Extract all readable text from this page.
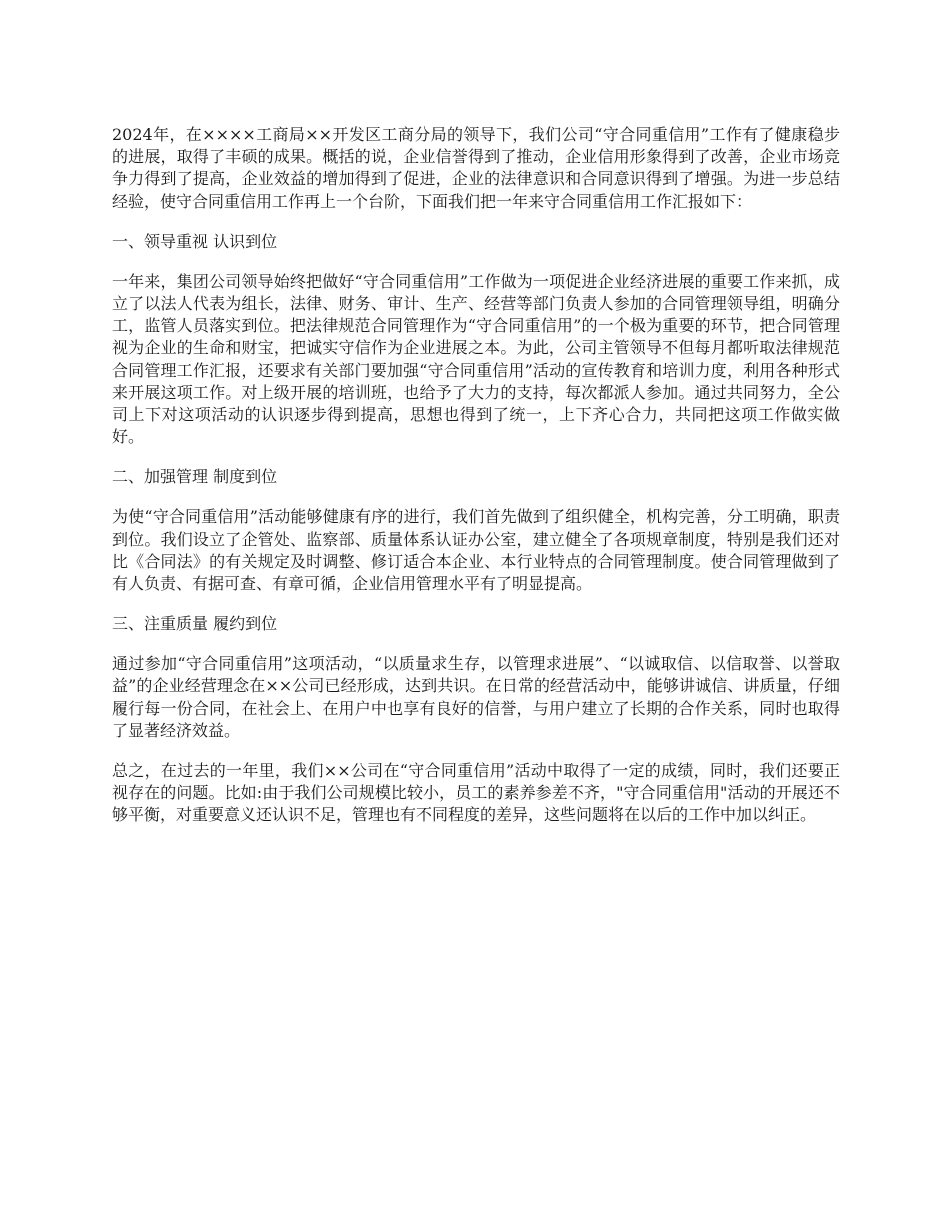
2024年，在××××工商局××开发区工商分局的领导下，我们公司“守合同重信用”工作有了健康稳步的进展，取得了丰硕的成果。概括的说，企业信誉得到了推动，企业信用形象得到了改善，企业市场竞争力得到了提高，企业效益的增加得到了促进，企业的法律意识和合同意识得到了增强。为进一步总结经验，使守合同重信用工作再上一个台阶，下面我们把一年来守合同重信用工作汇报如下：

一、领导重视 认识到位

一年来，集团公司领导始终把做好“守合同重信用”工作做为一项促进企业经济进展的重要工作来抓，成立了以法人代表为组长，法律、财务、审计、生产、经营等部门负责人参加的合同管理领导组，明确分工，监管人员落实到位。把法律规范合同管理作为“守合同重信用”的一个极为重要的环节，把合同管理视为企业的生命和财宝，把诚实守信作为企业进展之本。为此，公司主管领导不但每月都听取法律规范合同管理工作汇报，还要求有关部门要加强“守合同重信用”活动的宣传教育和培训力度，利用各种形式来开展这项工作。对上级开展的培训班，也给予了大力的支持，每次都派人参加。通过共同努力，全公司上下对这项活动的认识逐步得到提高，思想也得到了统一，上下齐心合力，共同把这项工作做实做好。

二、加强管理 制度到位

为使“守合同重信用”活动能够健康有序的进行，我们首先做到了组织健全，机构完善，分工明确，职责到位。我们设立了企管处、监察部、质量体系认证办公室，建立健全了各项规章制度，特别是我们还对比《合同法》的有关规定及时调整、修订适合本企业、本行业特点的合同管理制度。使合同管理做到了有人负责、有据可查、有章可循，企业信用管理水平有了明显提高。

三、注重质量 履约到位

通过参加“守合同重信用”这项活动，“以质量求生存，以管理求进展”、“以诚取信、以信取誉、以誉取益”的企业经营理念在××公司已经形成，达到共识。在日常的经营活动中，能够讲诚信、讲质量，仔细履行每一份合同，在社会上、在用户中也享有良好的信誉，与用户建立了长期的合作关系，同时也取得了显著经济效益。

总之，在过去的一年里，我们××公司在“守合同重信用”活动中取得了一定的成绩，同时，我们还要正视存在的问题。比如:由于我们公司规模比较小，员工的素养参差不齐，"守合同重信用"活动的开展还不够平衡，对重要意义还认识不足，管理也有不同程度的差异，这些问题将在以后的工作中加以纠正。
